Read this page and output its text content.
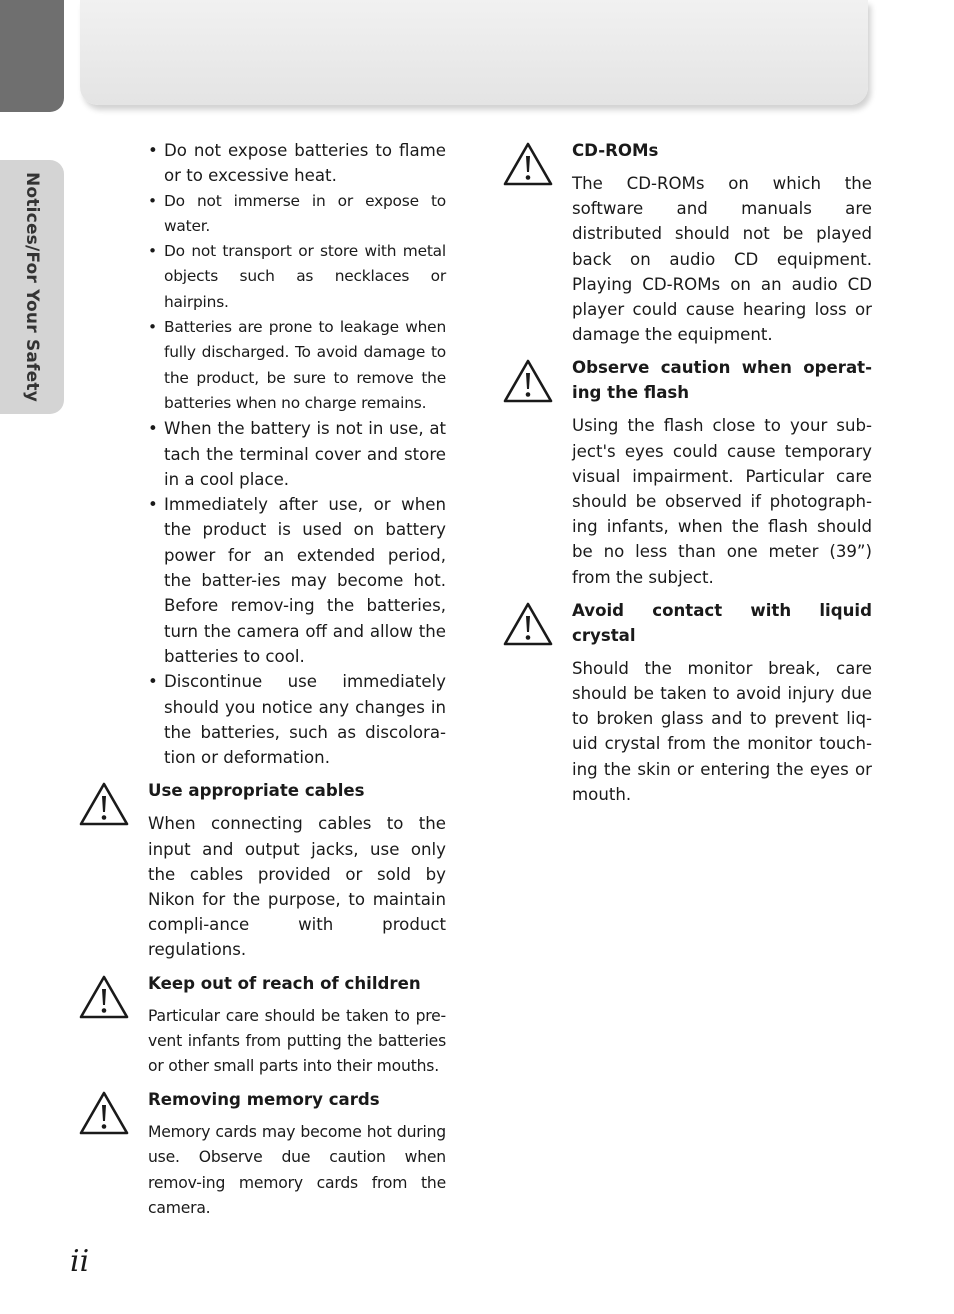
Notices/For Your Safety
• Do not expose batteries to flame or to excessive heat.
• Do not immerse in or expose to water.
• Do not transport or store with metal objects such as necklaces or hairpins.
• Batteries are prone to leakage when fully discharged. To avoid damage to the product, be sure to remove the batteries when no charge remains.
• When the battery is not in use, at tach the terminal cover and store in a cool place.
• Immediately after use, or when the product is used on battery power for an extended period, the batter-ies may become hot. Before remov-ing the batteries, turn the camera off and allow the batteries to cool.
• Discontinue use immediately should you notice any changes in the batteries, such as discolora-tion or deformation.

Use appropriate cables

When connecting cables to the input and output jacks, use only the cables provided or sold by Nikon for the purpose, to maintain compli-ance with product regulations.

Keep out of reach of children

Particular care should be taken to pre-vent infants from putting the batteries or other small parts into their mouths.

Removing memory cards

Memory cards may become hot during use. Observe due caution when remov-ing memory cards from the camera.

CD-ROMs

The CD-ROMs on which the software and manuals are distributed should not be played back on audio CD equipment. Playing CD-ROMs on an audio CD player could cause hearing loss or damage the equipment.

Observe caution when operat-ing the flash

Using the flash close to your sub-ject's eyes could cause temporary visual impairment. Particular care should be observed if photograph-ing infants, when the flash should be no less than one meter (39”) from the subject.

Avoid contact with liquid crystal

Should the monitor break, care should be taken to avoid injury due to broken glass and to prevent liq-uid crystal from the monitor touch-ing the skin or entering the eyes or mouth.

ii
